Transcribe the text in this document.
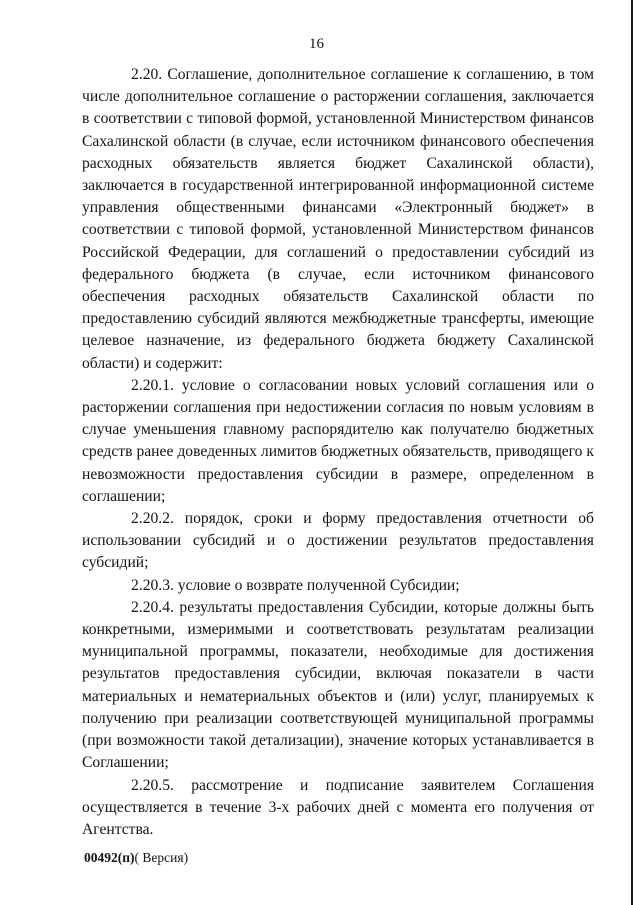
16

2.20. Соглашение, дополнительное соглашение к соглашению, в том числе дополнительное соглашение о расторжении соглашения, заключается в соответствии с типовой формой, установленной Министерством финансов Сахалинской области (в случае, если источником финансового обеспечения расходных обязательств является бюджет Сахалинской области), заключается в государственной интегрированной информационной системе управления общественными финансами «Электронный бюджет» в соответствии с типовой формой, установленной Министерством финансов Российской Федерации, для соглашений о предоставлении субсидий из федерального бюджета (в случае, если источником финансового обеспечения расходных обязательств Сахалинской области по предоставлению субсидий являются межбюджетные трансферты, имеющие целевое назначение, из федерального бюджета бюджету Сахалинской области) и содержит:

2.20.1. условие о согласовании новых условий соглашения или о расторжении соглашения при недостижении согласия по новым условиям в случае уменьшения главному распорядителю как получателю бюджетных средств ранее доведенных лимитов бюджетных обязательств, приводящего к невозможности предоставления субсидии в размере, определенном в соглашении;

2.20.2. порядок, сроки и форму предоставления отчетности об использовании субсидий и о достижении результатов предоставления субсидий;

2.20.3. условие о возврате полученной Субсидии;

2.20.4. результаты предоставления Субсидии, которые должны быть конкретными, измеримыми и соответствовать результатам реализации муниципальной программы, показатели, необходимые для достижения результатов предоставления субсидии, включая показатели в части материальных и нематериальных объектов и (или) услуг, планируемых к получению при реализации соответствующей муниципальной программы (при возможности такой детализации), значение которых устанавливается в Соглашении;

2.20.5. рассмотрение и подписание заявителем Соглашения осуществляется в течение 3-х рабочих дней с момента его получения от Агентства.

00492(п)( Версия)
